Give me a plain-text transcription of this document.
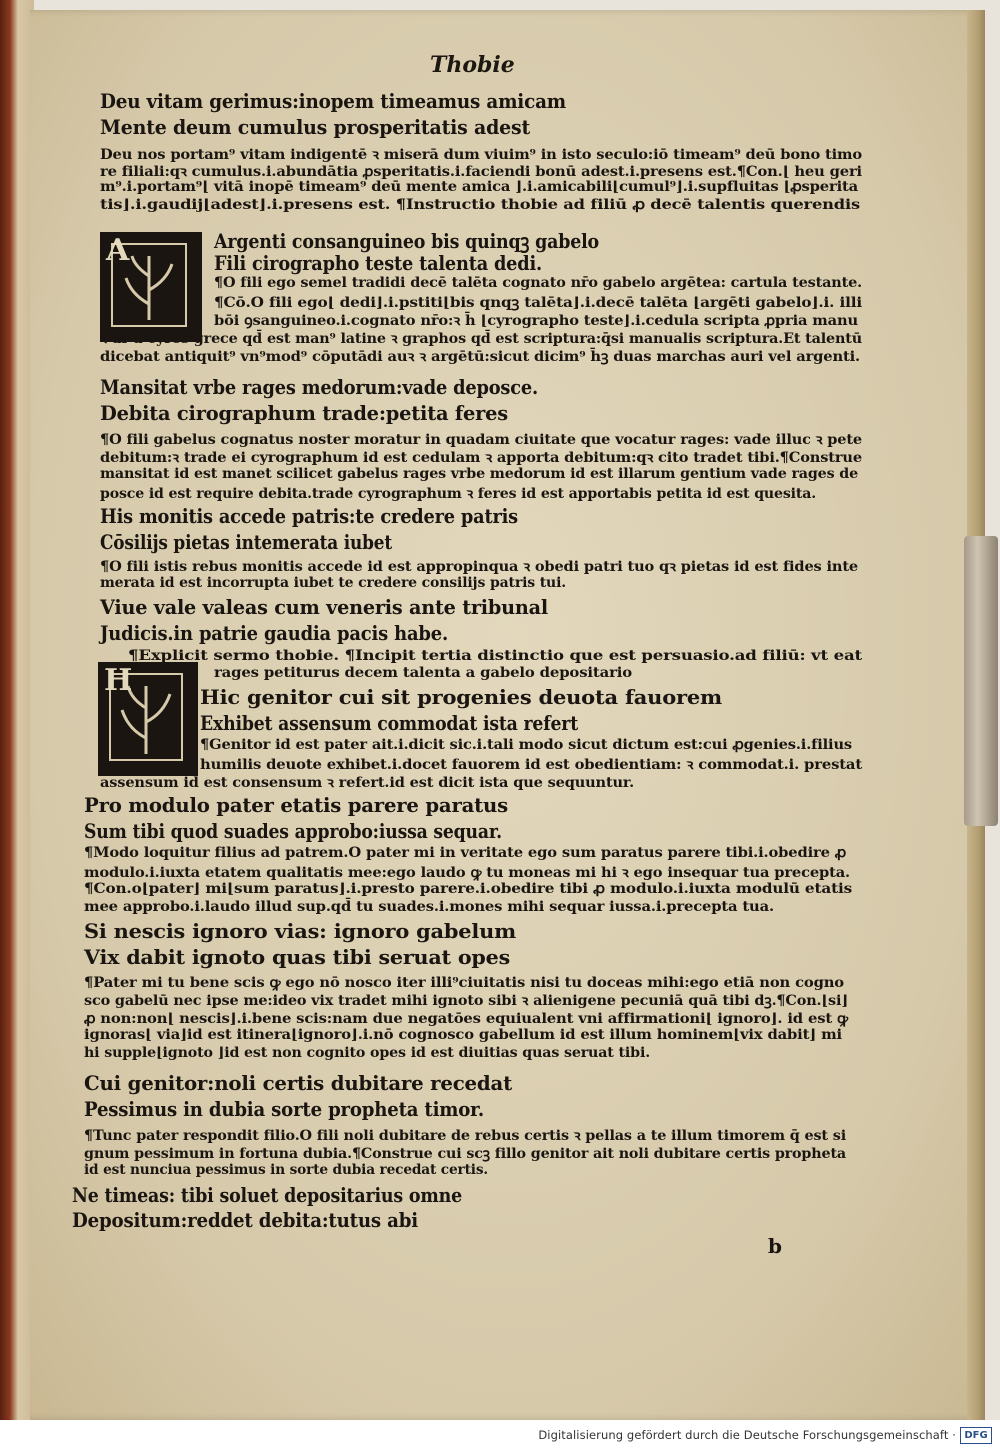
Thobie
A
H
Deu vitam gerimus:inopem timeamus amicam
Mente deum cumulus prosperitatis adest
Deu nos portam⁹ vitam indigentē ꝛ miserā dum viuim⁹ in isto seculo:iō timeam⁹ deū bono timo
re filiali:qꝛ cumulus.i.abundātia ꝓsperitatis.i.faciendi bonū adest.i.presens est.¶Con.⌊ heu geri
m⁹.i.portam⁹⌊ vitā inopē timeam⁹ deū mente amica ⌋.i.amicabili⌊cumul⁹⌋.i.supfluitas ⌊ꝓsperita
tis⌋.i.gaudij⌊adest⌋.i.presens est. ¶Instructio thobie ad filiū ꝓ decē talentis querendis
Argenti consanguineo bis quinqꝫ gabelo
Fili cirographo teste talenta dedi.
¶O fili ego semel tradidi decē talēta cognato nr̄o gabelo argētea: cartula testante.
¶Cō.O fili ego⌊ dedi⌋.i.pstiti⌊bis qnqꝫ talēta⌋.i.decē talēta ⌊argēti gabelo⌋.i. illi
bōi ꝯsanguineo.i.cognato nr̄o:ꝛ h̄ ⌊cyrographo teste⌋.i.cedula scripta ꝓpria manu
ꝛ dr̄ a cyros grece qd̄ est man⁹ latine ꝛ graphos qd̄ est scriptura:q̄si manualis scriptura.Et talentū
dicebat antiquit⁹ vn⁹mod⁹ cōputādi auꝛ ꝛ argētū:sicut dicim⁹ h̄ꝫ duas marchas auri vel argenti.
Mansitat vrbe rages medorum:vade deposce.
Debita cirographum trade:petita feres
¶O fili gabelus cognatus noster moratur in quadam ciuitate que vocatur rages: vade illuc ꝛ pete
debitum:ꝛ trade ei cyrographum id est cedulam ꝛ apporta debitum:qꝛ cito tradet tibi.¶Construe
mansitat id est manet scilicet gabelus rages vrbe medorum id est illarum gentium vade rages de
posce id est require debita.trade cyrographum ꝛ feres id est apportabis petita id est quesita.
His monitis accede patris:te credere patris
Cōsilijs pietas intemerata iubet
¶O fili istis rebus monitis accede id est appropinqua ꝛ obedi patri tuo qꝛ pietas id est fides inte
merata id est incorrupta iubet te credere consilijs patris tui.
Viue vale valeas cum veneris ante tribunal
Judicis.in patrie gaudia pacis habe.
¶Explicit sermo thobie. ¶Incipit tertia distinctio que est persuasio.ad filiū: vt eat
rages petiturus decem talenta a gabelo depositario
Hic genitor cui sit progenies deuota fauorem
Exhibet assensum commodat ista refert
¶Genitor id est pater ait.i.dicit sic.i.tali modo sicut dictum est:cui ꝓgenies.i.filius
humilis deuote exhibet.i.docet fauorem id est obedientiam: ꝛ commodat.i. prestat
assensum id est consensum ꝛ refert.id est dicit ista que sequuntur.
Pro modulo pater etatis parere paratus
Sum tibi quod suades approbo:iussa sequar.
¶Modo loquitur filius ad patrem.O pater mi in veritate ego sum paratus parere tibi.i.obedire ꝓ
modulo.i.iuxta etatem qualitatis mee:ego laudo ꝙ tu moneas mi hi ꝛ ego insequar tua precepta.
¶Con.o⌊pater⌋ mi⌊sum paratus⌋.i.presto parere.i.obedire tibi ꝓ modulo.i.iuxta modulū etatis
mee approbo.i.laudo illud sup.qd̄ tu suades.i.mones mihi sequar iussa.i.precepta tua.
Si nescis ignoro vias: ignoro gabelum
Vix dabit ignoto quas tibi seruat opes
¶Pater mi tu bene scis ꝙ ego nō nosco iter illi⁹ciuitatis nisi tu doceas mihi:ego etiā non cogno
sco gabelū nec ipse me:ideo vix tradet mihi ignoto sibi ꝛ alienigene pecuniā quā tibi dꝫ.¶Con.⌊si⌋
ꝓ non:non⌊ nescis⌋.i.bene scis:nam due negatōes equiualent vni affirmationi⌊ ignoro⌋. id est ꝙ
ignoras⌊ via⌋id est itinera⌊ignoro⌋.i.nō cognosco gabellum id est illum hominem⌊vix dabit⌋ mi
hi supple⌊ignoto ⌋id est non cognito opes id est diuitias quas seruat tibi.
Cui genitor:noli certis dubitare recedat
Pessimus in dubia sorte propheta timor.
¶Tunc pater respondit filio.O fili noli dubitare de rebus certis ꝛ pellas a te illum timorem q̄ est si
gnum pessimum in fortuna dubia.¶Construe cui scꝫ fillo genitor ait noli dubitare certis propheta
id est nunciua pessimus in sorte dubia recedat certis.
Ne timeas: tibi soluet depositarius omne
Depositum:reddet debita:tutus abi
b
Digitalisierung gefördert durch die Deutsche Forschungsgemeinschaft · DFG
